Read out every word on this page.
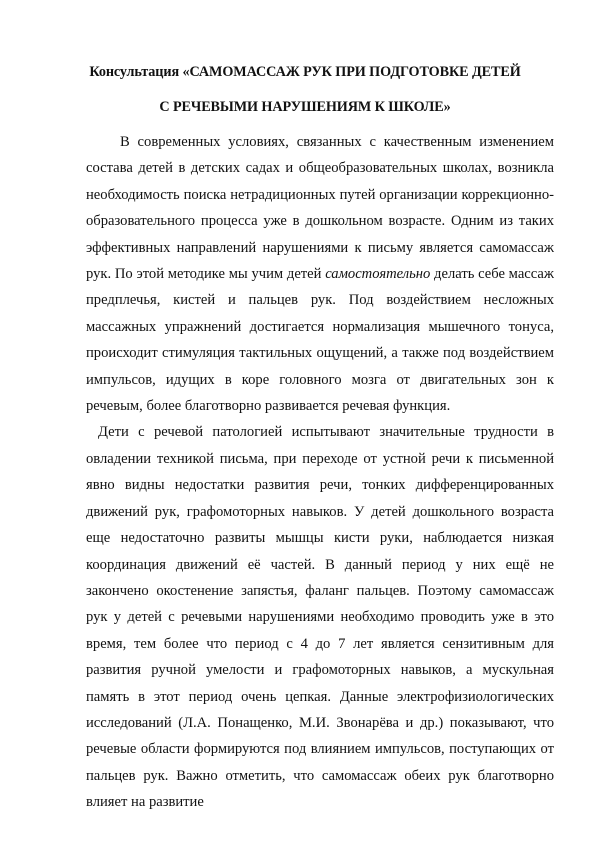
Консультация «САМОМАССАЖ РУК ПРИ ПОДГОТОВКЕ ДЕТЕЙ
С РЕЧЕВЫМИ НАРУШЕНИЯМ К ШКОЛЕ»

В современных условиях, связанных с качественным изменением состава детей в детских садах и общеобразовательных школах, возникла необходимость поиска нетрадиционных путей организации коррекционно-образовательного процесса уже в дошкольном возрасте. Одним из таких эффективных направлений нарушениями к письму является самомассаж рук. По этой методике мы учим детей самостоятельно делать себе массаж предплечья, кистей и пальцев рук. Под воздействием несложных массажных упражнений достигается нормализация мышечного тонуса, происходит стимуляция тактильных ощущений, а также под воздействием импульсов, идущих в коре головного мозга от двигательных зон к речевым, более благотворно развивается речевая функция.

Дети с речевой патологией испытывают значительные трудности в овладении техникой письма, при переходе от устной речи к письменной явно видны недостатки развития речи, тонких дифференцированных движений рук, графомоторных навыков. У детей дошкольного возраста еще недостаточно развиты мышцы кисти руки, наблюдается низкая координация движений её частей. В данный период у них ещё не закончено окостенение запястья, фаланг пальцев. Поэтому самомассаж рук у детей с речевыми нарушениями необходимо проводить уже в это время, тем более что период с 4 до 7 лет является сензитивным для развития ручной умелости и графомоторных навыков, а мускульная память в этот период очень цепкая. Данные электрофизиологических исследований (Л.А. Понащенко, М.И. Звонарёва и др.) показывают, что речевые области формируются под влиянием импульсов, поступающих от пальцев рук. Важно отметить, что самомассаж обеих рук благотворно влияет на развитие
